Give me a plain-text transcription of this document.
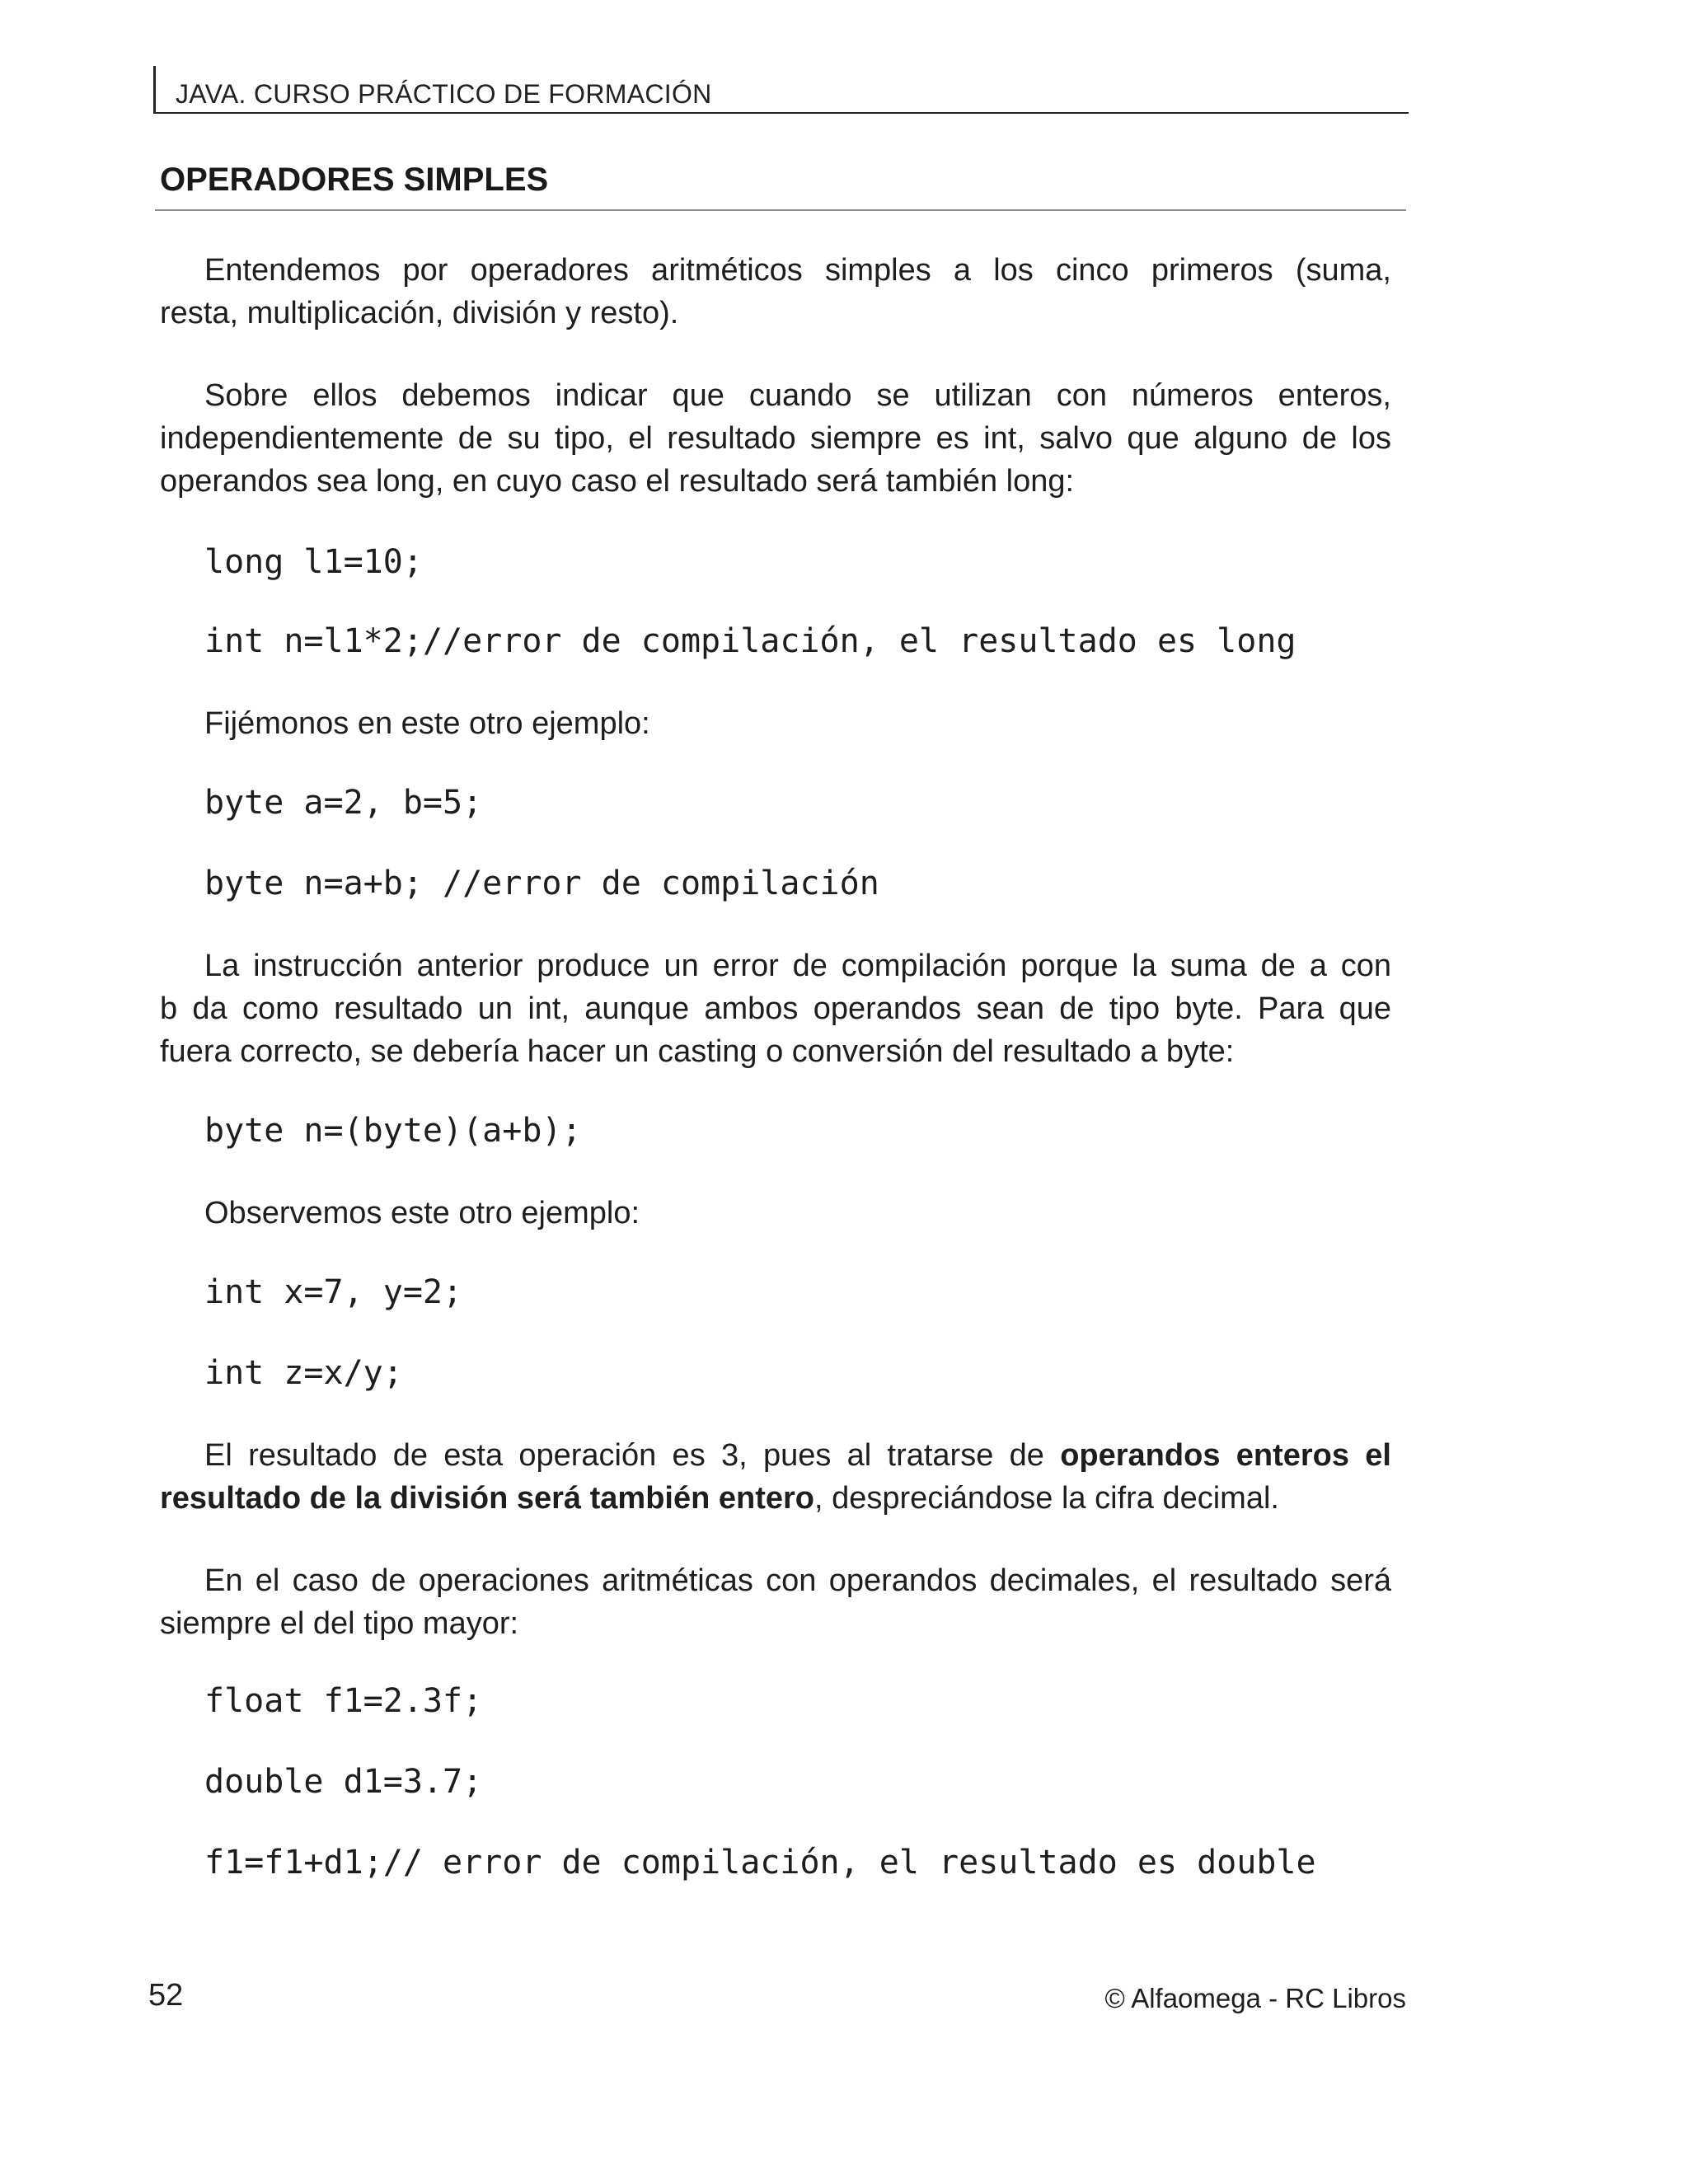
JAVA. CURSO PRÁCTICO DE FORMACIÓN
OPERADORES SIMPLES
Entendemos por operadores aritméticos simples a los cinco primeros (suma,
resta, multiplicación, división y resto).
Sobre ellos debemos indicar que cuando se utilizan con números enteros,
independientemente de su tipo, el resultado siempre es int, salvo que alguno de los
operandos sea long, en cuyo caso el resultado será también long:
long l1=10;
int n=l1*2;//error de compilación, el resultado es long
Fijémonos en este otro ejemplo:
byte a=2, b=5;
byte n=a+b; //error de compilación
La instrucción anterior produce un error de compilación porque la suma de a con
b da como resultado un int, aunque ambos operandos sean de tipo byte. Para que
fuera correcto, se debería hacer un casting o conversión del resultado a byte:
byte n=(byte)(a+b);
Observemos este otro ejemplo:
int x=7, y=2;
int z=x/y;
El resultado de esta operación es 3, pues al tratarse de operandos enteros el
resultado de la división será también entero, despreciándose la cifra decimal.
En el caso de operaciones aritméticas con operandos decimales, el resultado será
siempre el del tipo mayor:
float f1=2.3f;
double d1=3.7;
f1=f1+d1;// error de compilación, el resultado es double
52	© Alfaomega - RC Libros
